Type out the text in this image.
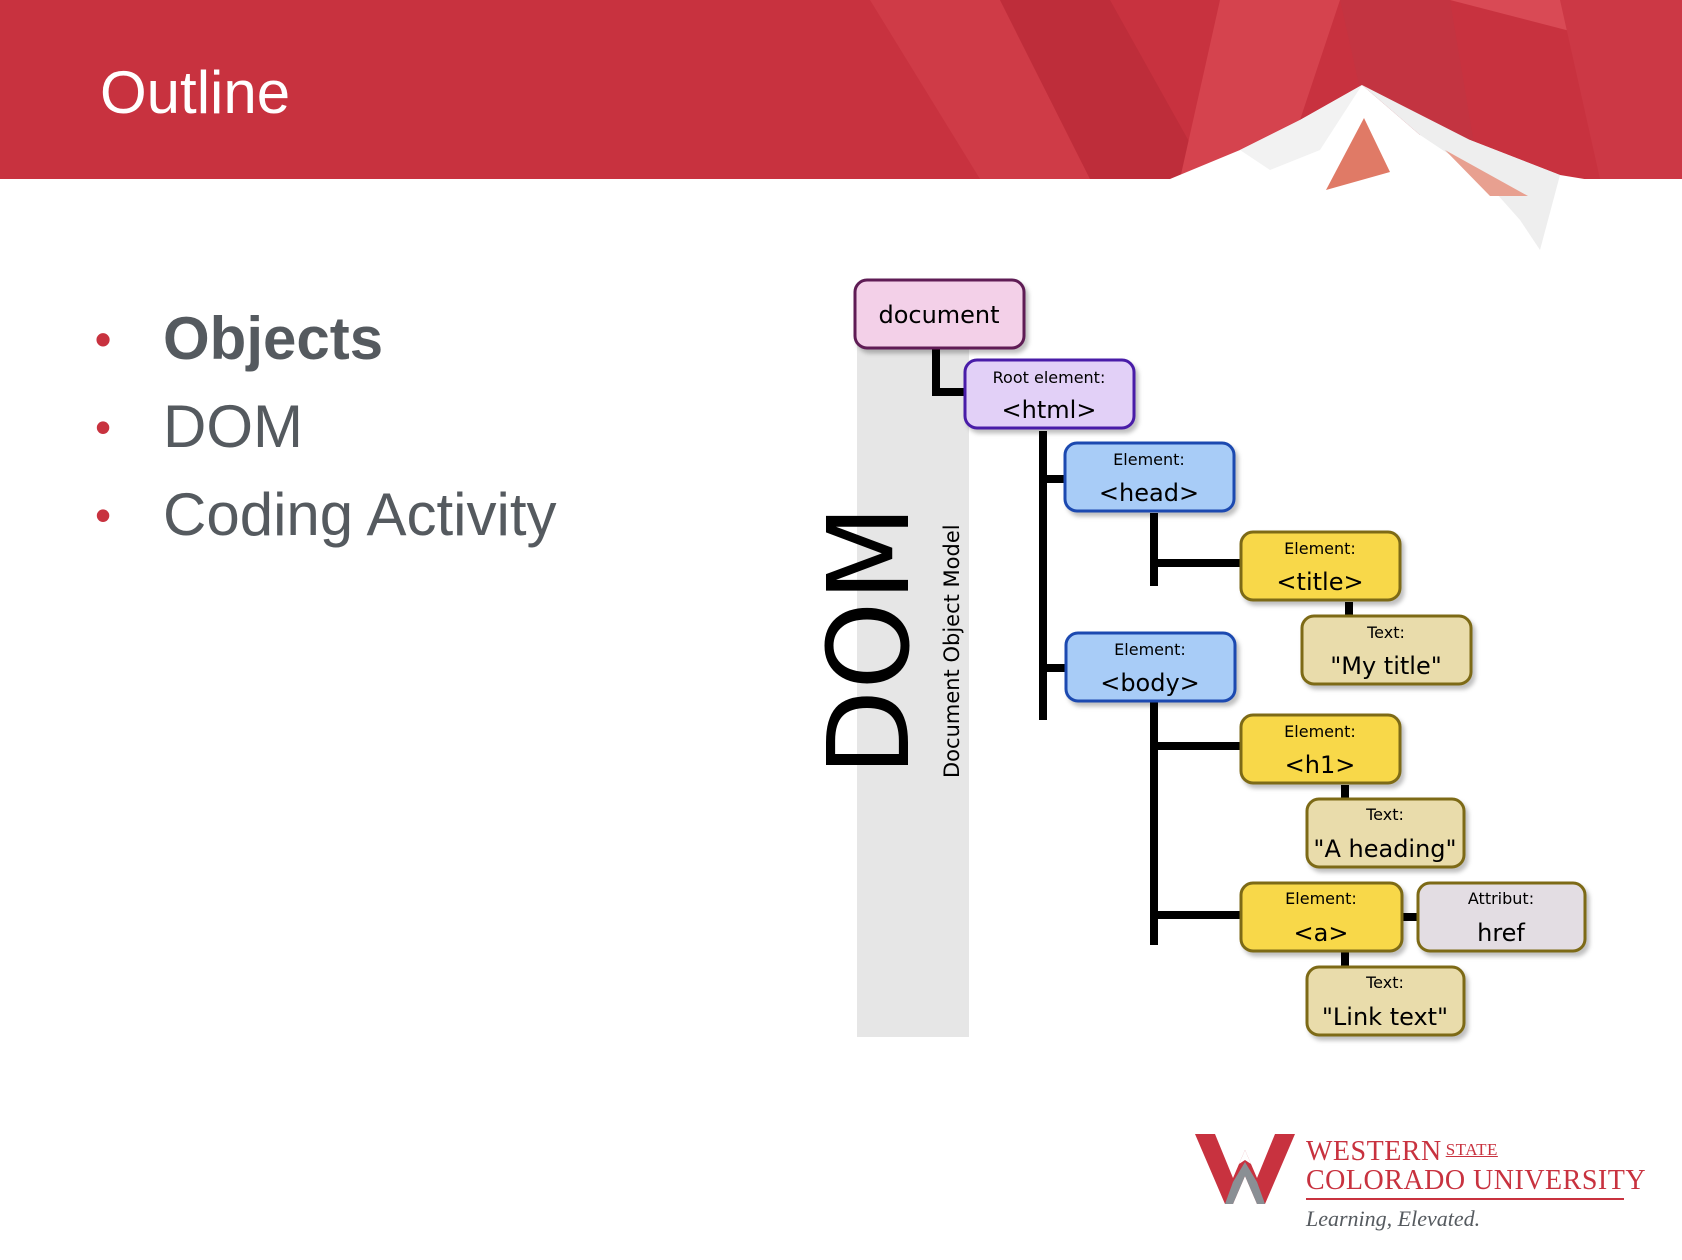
Outline
• Objects
• DOM
• Coding Activity DOM Document Object Model
document
Root element:
<html>
Element:
<head>
Element:
<title>
Text:
"My title"
Element:
<body>
Element:
<h1>
Text:
"A heading"
Element:
<a>
Attribut:
href
Text:
"Link text"
WESTERN STATE
COLORADO UNIVERSITY
Learning, Elevated.
